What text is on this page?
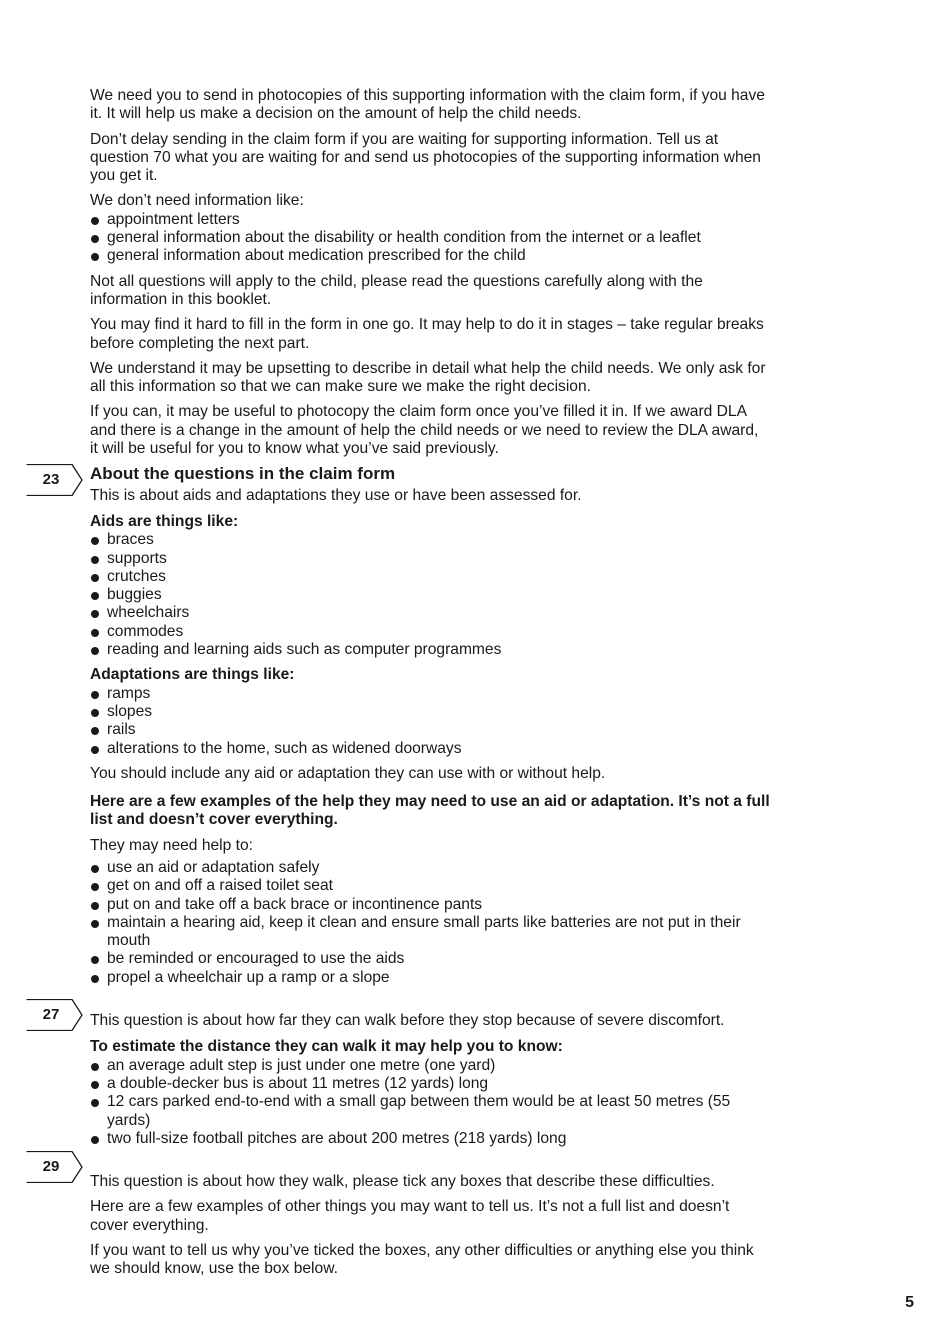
23
27
29

We need you to send in photocopies of this supporting information with the claim form, if you have it. It will help us make a decision on the amount of help the child needs.

Don’t delay sending in the claim form if you are waiting for supporting information. Tell us at question 70 what you are waiting for and send us photocopies of the supporting information when you get it.

We don’t need information like:

appointment letters
general information about the disability or health condition from the internet or a leaflet
general information about medication prescribed for the child

Not all questions will apply to the child, please read the questions carefully along with the information in this booklet.

You may find it hard to fill in the form in one go. It may help to do it in stages – take regular breaks before completing the next part.

We understand it may be upsetting to describe in detail what help the child needs. We only ask for all this information so that we can make sure we make the right decision.

If you can, it may be useful to photocopy the claim form once you’ve filled it in. If we award DLA and there is a change in the amount of help the child needs or we need to review the DLA award, it will be useful for you to know what you’ve said previously.

About the questions in the claim form

This is about aids and adaptations they use or have been assessed for.

Aids are things like:
braces
supports
crutches
buggies
wheelchairs
commodes
reading and learning aids such as computer programmes
Adaptations are things like:
ramps
slopes
rails
alterations to the home, such as widened doorways

You should include any aid or adaptation they can use with or without help.

Here are a few examples of the help they may need to use an aid or adaptation. It’s not a full list and doesn’t cover everything.

They may need help to:

use an aid or adaptation safely
get on and off a raised toilet seat
put on and take off a back brace or incontinence pants
maintain a hearing aid, keep it clean and ensure small parts like batteries are not put in their mouth
be reminded or encouraged to use the aids
propel a wheelchair up a ramp or a slope

This question is about how far they can walk before they stop because of severe discomfort.

To estimate the distance they can walk it may help you to know:
an average adult step is just under one metre (one yard)
a double-decker bus is about 11 metres (12 yards) long
12 cars parked end-to-end with a small gap between them would be at least 50 metres (55 yards)
two full-size football pitches are about 200 metres (218 yards) long

This question is about how they walk, please tick any boxes that describe these difficulties.

Here are a few examples of other things you may want to tell us. It’s not a full list and doesn’t cover everything.

If you want to tell us why you’ve ticked the boxes, any other difficulties or anything else you think we should know, use the box below.

5
